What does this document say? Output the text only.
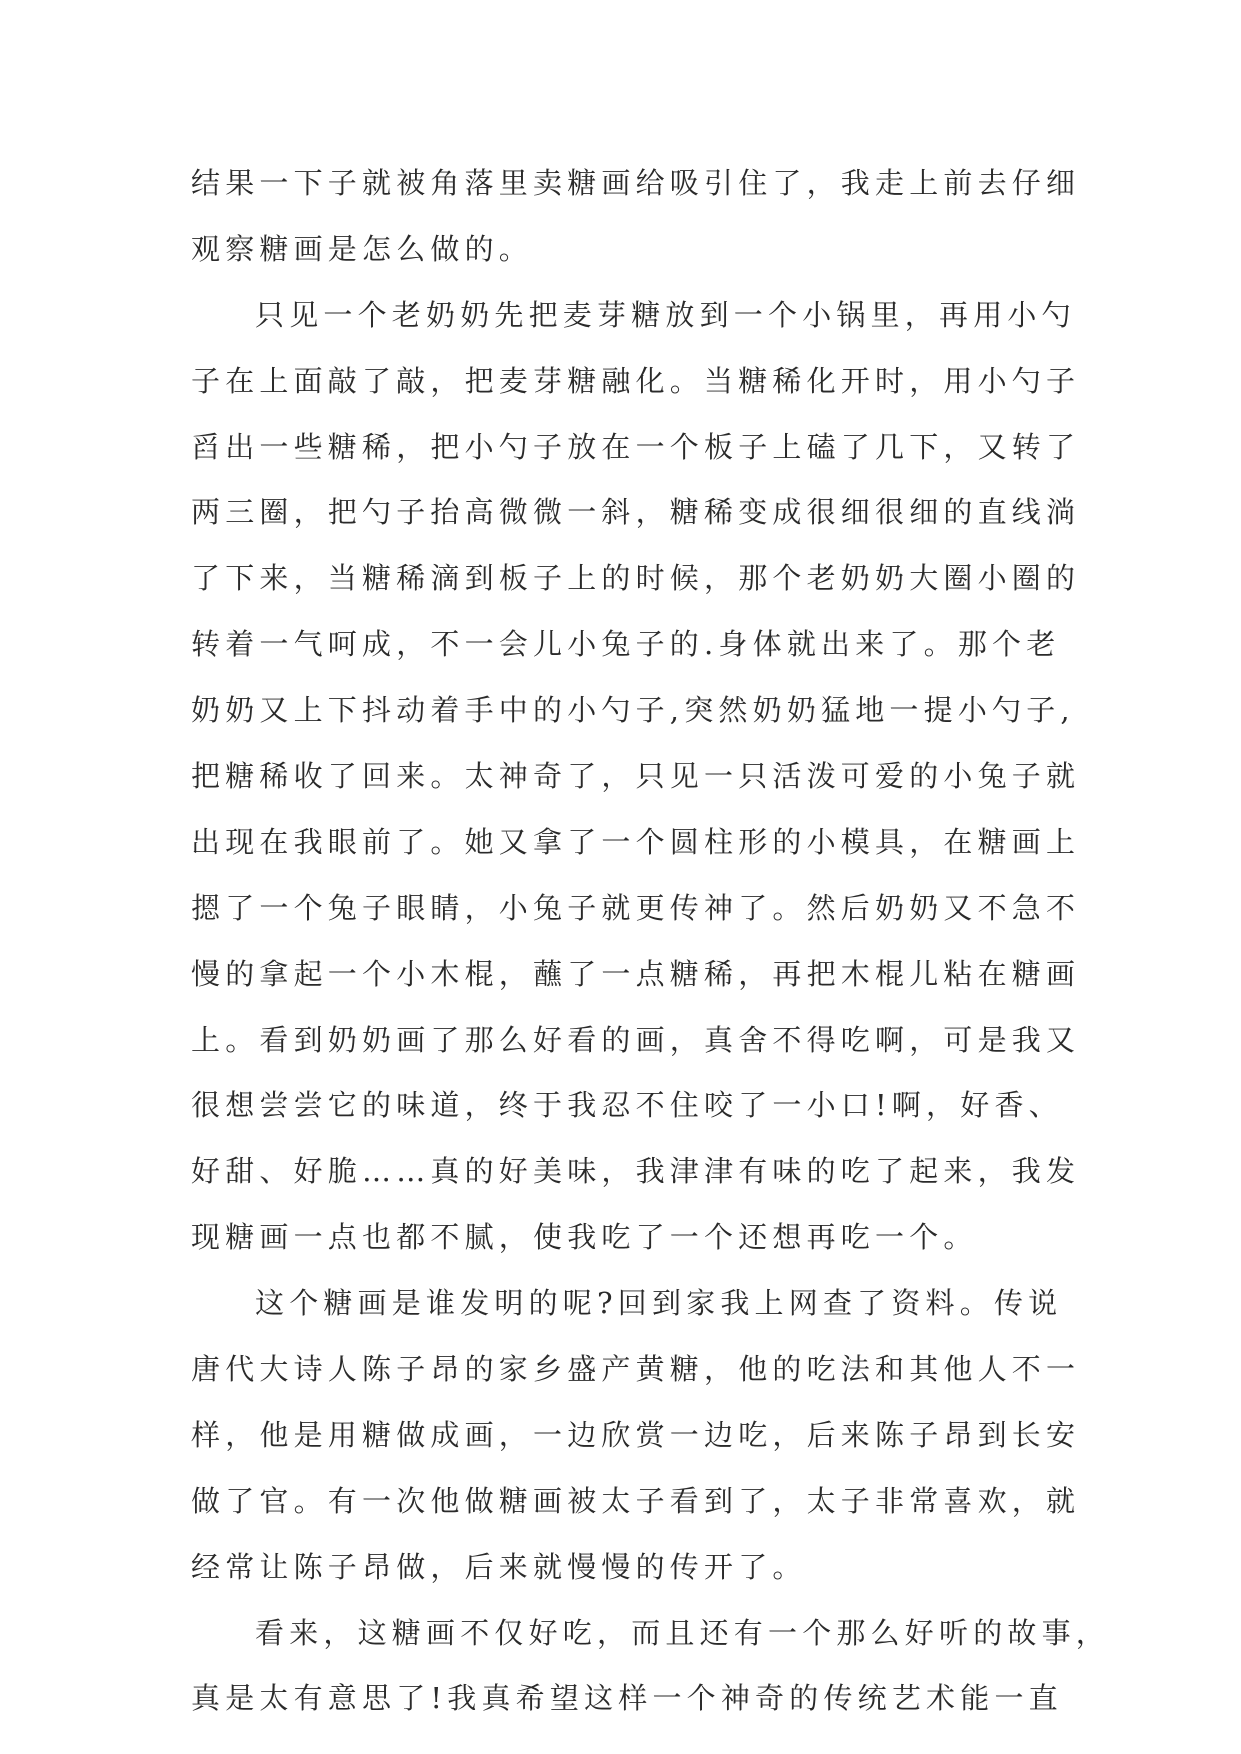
结果一下子就被角落里卖糖画给吸引住了，我走上前去仔细
观察糖画是怎么做的。
只见一个老奶奶先把麦芽糖放到一个小锅里，再用小勺
子在上面敲了敲，把麦芽糖融化。当糖稀化开时，用小勺子
舀出一些糖稀，把小勺子放在一个板子上磕了几下，又转了
两三圈，把勺子抬高微微一斜，糖稀变成很细很细的直线淌
了下来，当糖稀滴到板子上的时候，那个老奶奶大圈小圈的
转着一气呵成，不一会儿小兔子的.身体就出来了。那个老
奶奶又上下抖动着手中的小勺子,突然奶奶猛地一提小勺子,
把糖稀收了回来。太神奇了，只见一只活泼可爱的小兔子就
出现在我眼前了。她又拿了一个圆柱形的小模具，在糖画上
摁了一个兔子眼睛，小兔子就更传神了。然后奶奶又不急不
慢的拿起一个小木棍，蘸了一点糖稀，再把木棍儿粘在糖画
上。看到奶奶画了那么好看的画，真舍不得吃啊，可是我又
很想尝尝它的味道，终于我忍不住咬了一小口!啊，好香、
好甜、好脆……真的好美味，我津津有味的吃了起来，我发
现糖画一点也都不腻，使我吃了一个还想再吃一个。
这个糖画是谁发明的呢?回到家我上网查了资料。传说
唐代大诗人陈子昂的家乡盛产黄糖，他的吃法和其他人不一
样，他是用糖做成画，一边欣赏一边吃，后来陈子昂到长安
做了官。有一次他做糖画被太子看到了，太子非常喜欢，就
经常让陈子昂做，后来就慢慢的传开了。
看来，这糖画不仅好吃，而且还有一个那么好听的故事，
真是太有意思了!我真希望这样一个神奇的传统艺术能一直
